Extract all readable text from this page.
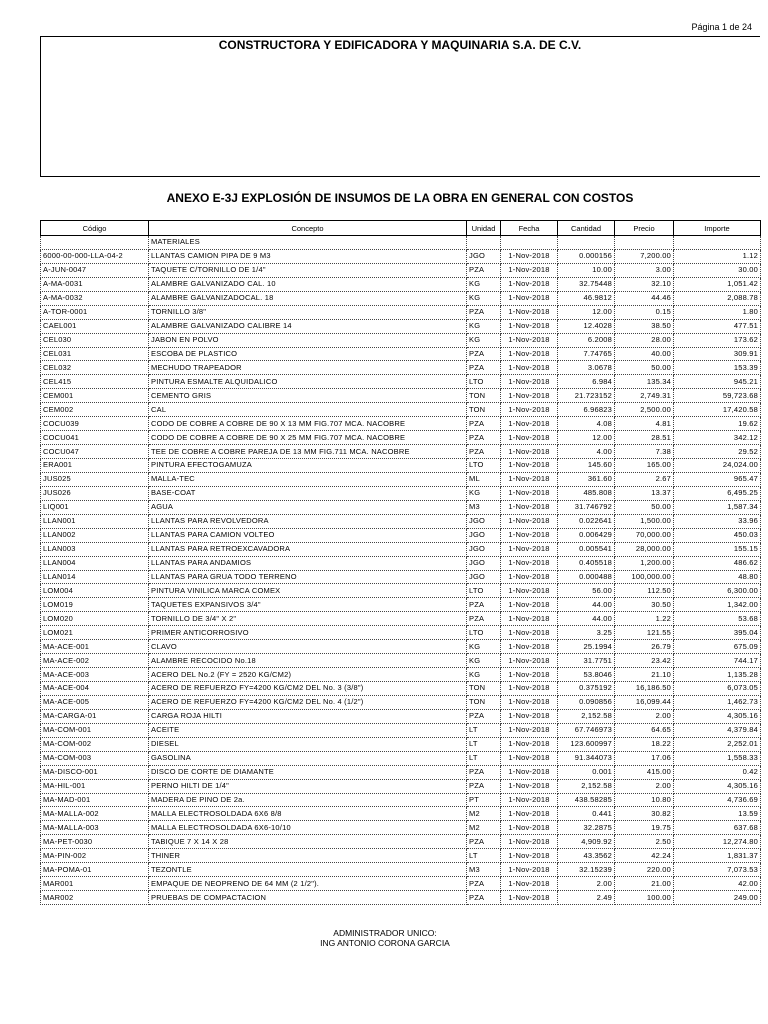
Página 1 de 24
CONSTRUCTORA Y EDIFICADORA Y MAQUINARIA S.A. DE C.V.
ANEXO E-3J EXPLOSIÓN DE INSUMOS DE LA OBRA EN GENERAL CON COSTOS
Código	Concepto	Unidad	Fecha	Cantidad	Precio	Importe
	MATERIALES					
6000-00-000-LLA-04-2	LLANTAS CAMION PIPA DE 9 M3	JGO	1-Nov-2018	0.000156	7,200.00	1.12
A-JUN-0047	TAQUETE C/TORNILLO DE 1/4"	PZA	1-Nov-2018	10.00	3.00	30.00
A-MA-0031	ALAMBRE GALVANIZADO CAL. 10	KG	1-Nov-2018	32.75448	32.10	1,051.42
A-MA-0032	ALAMBRE GALVANIZADOCAL. 18	KG	1-Nov-2018	46.9812	44.46	2,088.78
A-TOR-0001	TORNILLO 3/8"	PZA	1-Nov-2018	12.00	0.15	1.80
CAEL001	ALAMBRE GALVANIZADO CALIBRE 14	KG	1-Nov-2018	12.4028	38.50	477.51
CEL030	JABON EN POLVO	KG	1-Nov-2018	6.2008	28.00	173.62
CEL031	ESCOBA DE PLASTICO	PZA	1-Nov-2018	7.74765	40.00	309.91
CEL032	MECHUDO TRAPEADOR	PZA	1-Nov-2018	3.0678	50.00	153.39
CEL415	PINTURA ESMALTE ALQUIDALICO	LTO	1-Nov-2018	6.984	135.34	945.21
CEM001	CEMENTO GRIS	TON	1-Nov-2018	21.723152	2,749.31	59,723.68
CEM002	CAL	TON	1-Nov-2018	6.96823	2,500.00	17,420.58
COCU039	CODO DE COBRE A COBRE DE 90 X 13 MM FIG.707 MCA. NACOBRE	PZA	1-Nov-2018	4.08	4.81	19.62
COCU041	CODO DE COBRE A COBRE DE 90 X 25 MM FIG.707 MCA. NACOBRE	PZA	1-Nov-2018	12.00	28.51	342.12
COCU047	TEE DE COBRE A COBRE PAREJA DE 13 MM FIG.711 MCA. NACOBRE	PZA	1-Nov-2018	4.00	7.38	29.52
ERA001	PINTURA EFECTOGAMUZA	LTO	1-Nov-2018	145.60	165.00	24,024.00
JUS025	MALLA-TEC	ML	1-Nov-2018	361.60	2.67	965.47
JUS026	BASE-COAT	KG	1-Nov-2018	485.808	13.37	6,495.25
LIQ001	AGUA	M3	1-Nov-2018	31.746792	50.00	1,587.34
LLAN001	LLANTAS PARA REVOLVEDORA	JGO	1-Nov-2018	0.022641	1,500.00	33.96
LLAN002	LLANTAS PARA CAMION VOLTEO	JGO	1-Nov-2018	0.006429	70,000.00	450.03
LLAN003	LLANTAS PARA RETROEXCAVADORA	JGO	1-Nov-2018	0.005541	28,000.00	155.15
LLAN004	LLANTAS PARA ANDAMIOS	JGO	1-Nov-2018	0.405518	1,200.00	486.62
LLAN014	LLANTAS PARA GRUA TODO TERRENO	JGO	1-Nov-2018	0.000488	100,000.00	48.80
LOM004	PINTURA VINILICA MARCA COMEX	LTO	1-Nov-2018	56.00	112.50	6,300.00
LOM019	TAQUETES EXPANSIVOS 3/4"	PZA	1-Nov-2018	44.00	30.50	1,342.00
LOM020	TORNILLO DE 3/4" X 2"	PZA	1-Nov-2018	44.00	1.22	53.68
LOM021	PRIMER ANTICORROSIVO	LTO	1-Nov-2018	3.25	121.55	395.04
MA-ACE-001	CLAVO	KG	1-Nov-2018	25.1994	26.79	675.09
MA-ACE-002	ALAMBRE RECOCIDO No.18	KG	1-Nov-2018	31.7751	23.42	744.17
MA-ACE-003	ACERO DEL No.2 (FY = 2520 KG/CM2)	KG	1-Nov-2018	53.8046	21.10	1,135.28
MA-ACE-004	ACERO DE REFUERZO FY=4200 KG/CM2 DEL No. 3 (3/8")	TON	1-Nov-2018	0.375192	16,186.50	6,073.05
MA-ACE-005	ACERO DE REFUERZO FY=4200 KG/CM2 DEL No. 4 (1/2")	TON	1-Nov-2018	0.090856	16,099.44	1,462.73
MA-CARGA-01	CARGA ROJA HILTI	PZA	1-Nov-2018	2,152.58	2.00	4,305.16
MA-COM-001	ACEITE	LT	1-Nov-2018	67.746973	64.65	4,379.84
MA-COM-002	DIESEL	LT	1-Nov-2018	123.600997	18.22	2,252.01
MA-COM-003	GASOLINA	LT	1-Nov-2018	91.344073	17.06	1,558.33
MA-DISCO-001	DISCO DE CORTE DE DIAMANTE	PZA	1-Nov-2018	0.001	415.00	0.42
MA-HIL-001	PERNO HILTI DE 1/4"	PZA	1-Nov-2018	2,152.58	2.00	4,305.16
MA-MAD-001	MADERA DE PINO DE 2a.	PT	1-Nov-2018	438.58285	10.80	4,736.69
MA-MALLA-002	MALLA ELECTROSOLDADA 6X6 8/8	M2	1-Nov-2018	0.441	30.82	13.59
MA-MALLA-003	MALLA ELECTROSOLDADA 6X6-10/10	M2	1-Nov-2018	32.2875	19.75	637.68
MA-PET-0030	TABIQUE 7 X 14 X 28	PZA	1-Nov-2018	4,909.92	2.50	12,274.80
MA-PIN-002	THINER	LT	1-Nov-2018	43.3562	42.24	1,831.37
MA-POMA-01	TEZONTLE	M3	1-Nov-2018	32.15239	220.00	7,073.53
MAR001	EMPAQUE DE NEOPRENO DE 64 MM (2 1/2").	PZA	1-Nov-2018	2.00	21.00	42.00
MAR002	PRUEBAS DE COMPACTACION	PZA	1-Nov-2018	2.49	100.00	249.00
ADMINISTRADOR UNICO:
ING ANTONIO CORONA GARCIA
